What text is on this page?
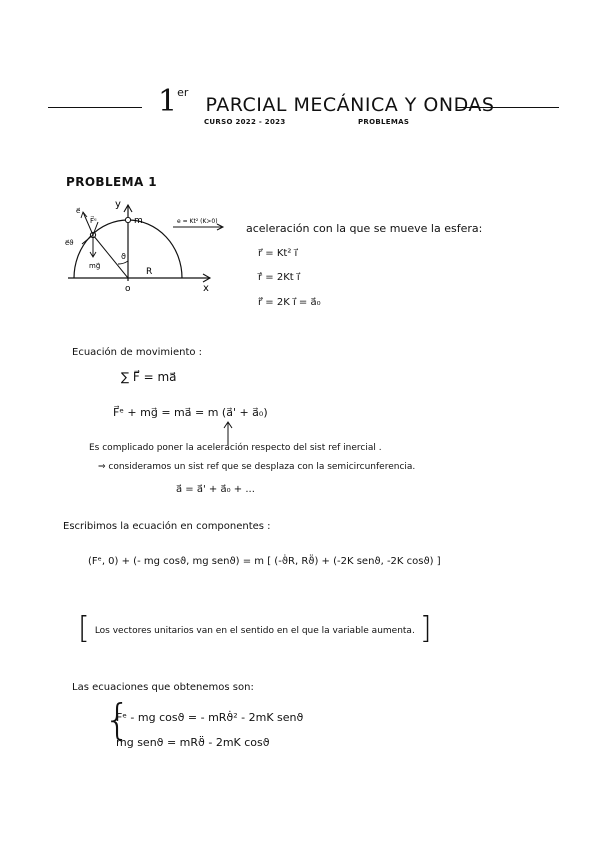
1er PARCIAL MECÁNICA Y ONDAS
CURSO 2022 - 2023	PROBLEMAS
PROBLEMA 1
y
x
m
o
R
ϑ
e⃗
F⃗ᵉ
e⃗ϑ
mg⃗
e = Kt² (K>0)
aceleración con la que se mueve la esfera:
r⃗ = Kt² ı⃗
ṙ⃗ = 2Kt ı⃗
r̈⃗ = 2K ı⃗ = a⃗₀
Ecuación de movimiento :
∑ F⃗ = ma⃗
F⃗ᵉ + mg⃗ = ma⃗ = m (a⃗' + a⃗₀)
Es complicado poner la aceleración respecto del sist ref inercial .
⇒ consideramos un sist ref que se desplaza con la semicircunferencia.
a⃗ = a⃗' + a⃗₀ + ...
Escribimos la ecuación en componentes :
(Fᵉ, 0) + (- mg cosϑ, mg senϑ) = m [ (-ϑ̇R, Rϑ̈) + (-2K senϑ, -2K cosϑ) ]
[ Los vectores unitarios van en el sentido en el que la variable aumenta. ]
Las ecuaciones que obtenemos son:
{
Fᵉ - mg cosϑ = - mRϑ̇² - 2mK senϑ
mg senϑ = mRϑ̈ - 2mK cosϑ
